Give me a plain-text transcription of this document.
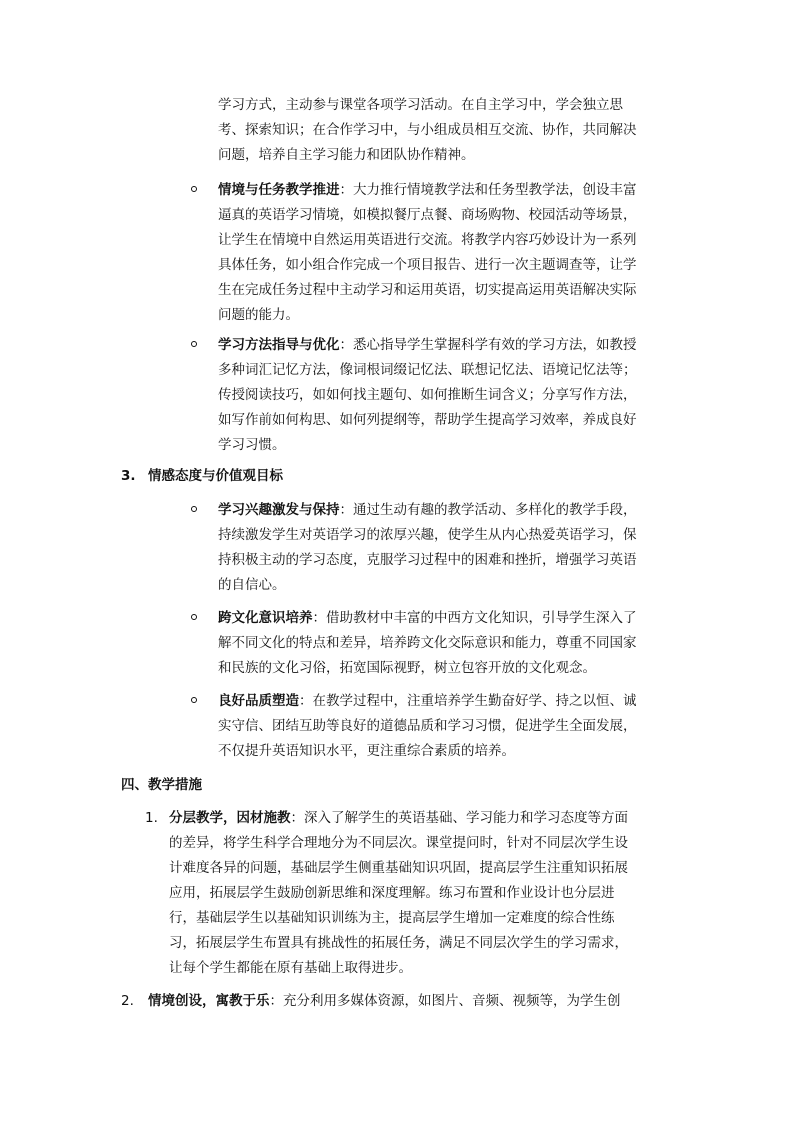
学习方式，主动参与课堂各项学习活动。在自主学习中，学会独立思
考、探索知识；在合作学习中，与小组成员相互交流、协作，共同解决
问题，培养自主学习能力和团队协作精神。
情境与任务教学推进：大力推行情境教学法和任务型教学法，创设丰富
逼真的英语学习情境，如模拟餐厅点餐、商场购物、校园活动等场景，
让学生在情境中自然运用英语进行交流。将教学内容巧妙设计为一系列
具体任务，如小组合作完成一个项目报告、进行一次主题调查等，让学
生在完成任务过程中主动学习和运用英语，切实提高运用英语解决实际
问题的能力。
学习方法指导与优化：悉心指导学生掌握科学有效的学习方法，如教授
多种词汇记忆方法，像词根词缀记忆法、联想记忆法、语境记忆法等；
传授阅读技巧，如如何找主题句、如何推断生词含义；分享写作方法，
如写作前如何构思、如何列提纲等，帮助学生提高学习效率，养成良好
学习习惯。
3. 情感态度与价值观目标
学习兴趣激发与保持：通过生动有趣的教学活动、多样化的教学手段，
持续激发学生对英语学习的浓厚兴趣，使学生从内心热爱英语学习，保
持积极主动的学习态度，克服学习过程中的困难和挫折，增强学习英语
的自信心。
跨文化意识培养：借助教材中丰富的中西方文化知识，引导学生深入了
解不同文化的特点和差异，培养跨文化交际意识和能力，尊重不同国家
和民族的文化习俗，拓宽国际视野，树立包容开放的文化观念。
良好品质塑造：在教学过程中，注重培养学生勤奋好学、持之以恒、诚
实守信、团结互助等良好的道德品质和学习习惯，促进学生全面发展，
不仅提升英语知识水平，更注重综合素质的培养。
四、教学措施
1. 分层教学，因材施教：深入了解学生的英语基础、学习能力和学习态度等方面
的差异，将学生科学合理地分为不同层次。课堂提问时，针对不同层次学生设
计难度各异的问题，基础层学生侧重基础知识巩固，提高层学生注重知识拓展
应用，拓展层学生鼓励创新思维和深度理解。练习布置和作业设计也分层进
行，基础层学生以基础知识训练为主，提高层学生增加一定难度的综合性练
习，拓展层学生布置具有挑战性的拓展任务，满足不同层次学生的学习需求，
让每个学生都能在原有基础上取得进步。
2. 情境创设，寓教于乐：充分利用多媒体资源，如图片、音频、视频等，为学生创
